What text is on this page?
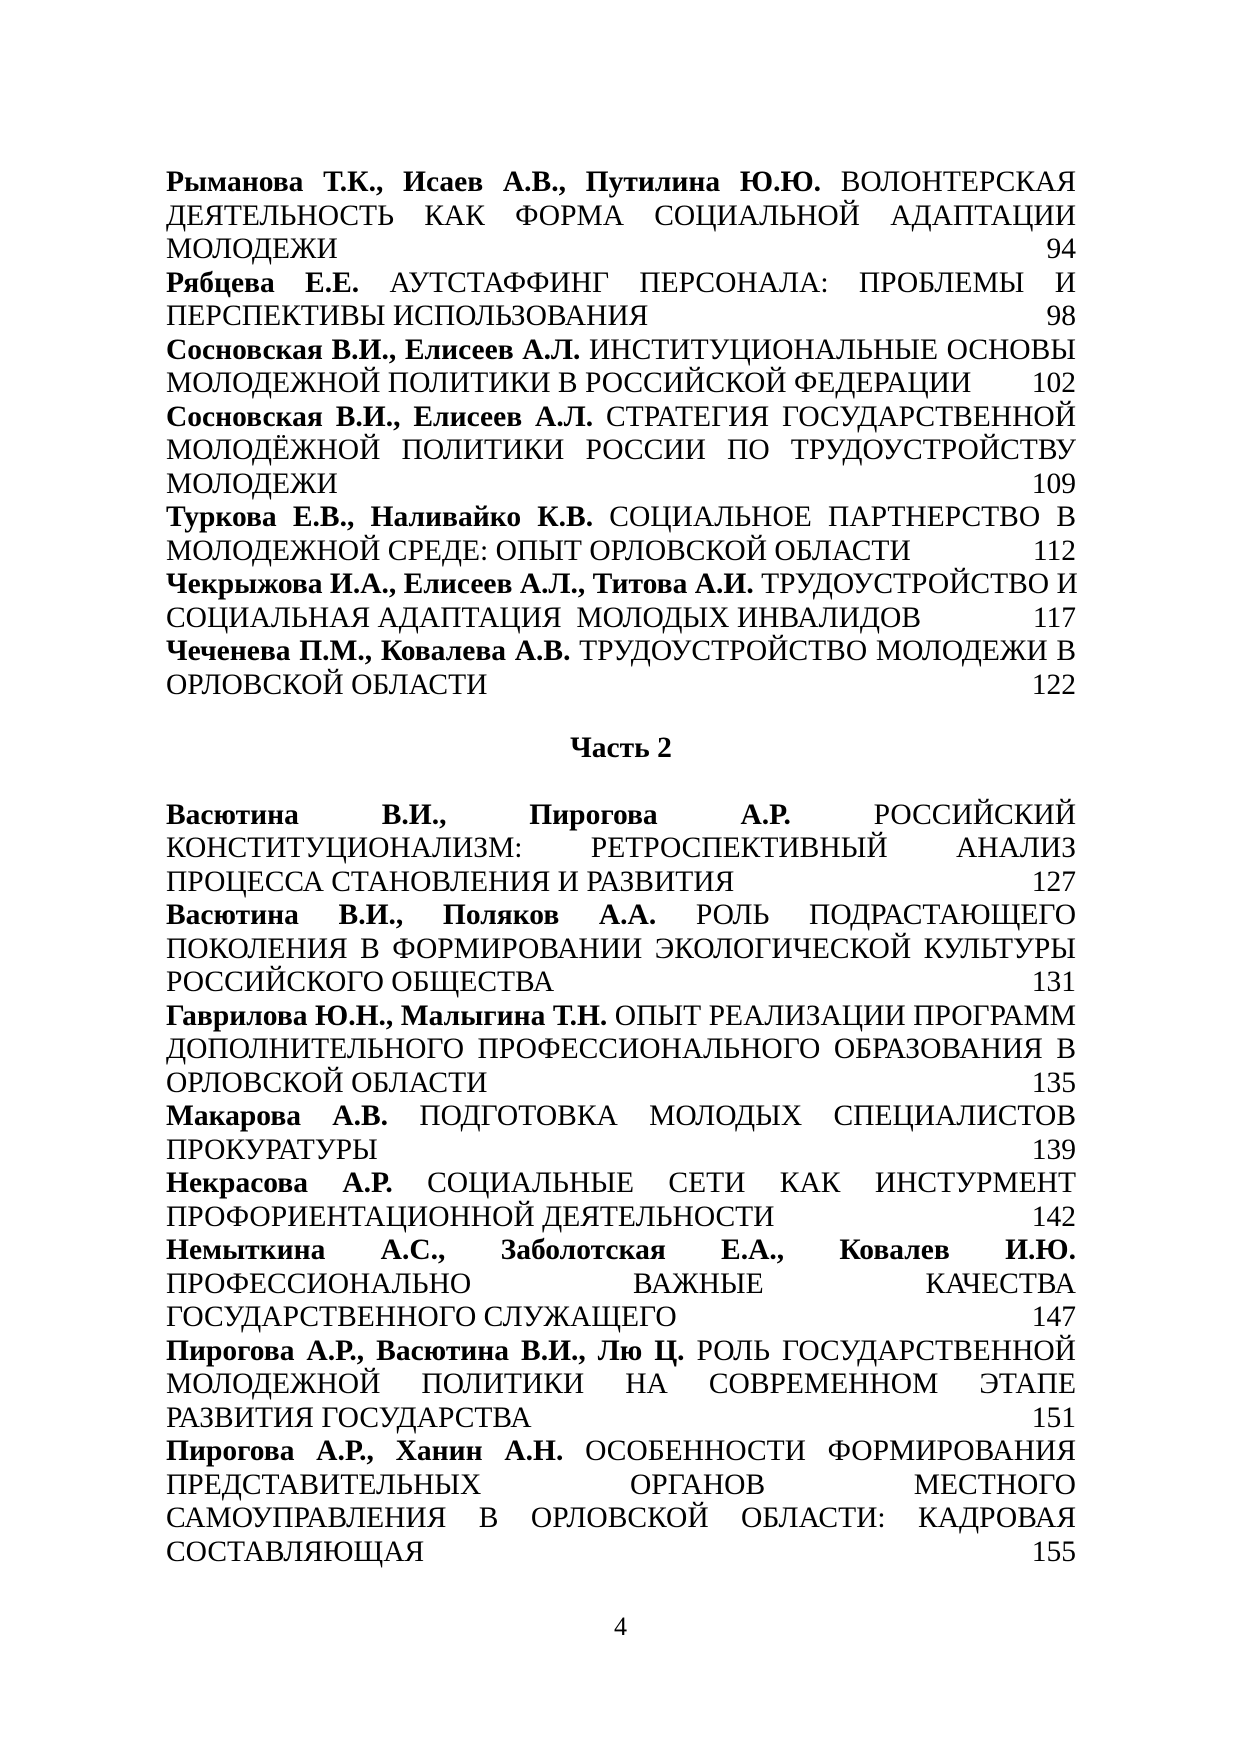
Рыманова Т.К., Исаев А.В., Путилина Ю.Ю. ВОЛОНТЕРСКАЯ
ДЕЯТЕЛЬНОСТЬ КАК ФОРМА СОЦИАЛЬНОЙ АДАПТАЦИИ
МОЛОДЕЖИ	94
Рябцева Е.Е. АУТСТАФФИНГ ПЕРСОНАЛА: ПРОБЛЕМЫ И
ПЕРСПЕКТИВЫ ИСПОЛЬЗОВАНИЯ	98
Сосновская В.И., Елисеев А.Л. ИНСТИТУЦИОНАЛЬНЫЕ ОСНОВЫ
МОЛОДЕЖНОЙ ПОЛИТИКИ В РОССИЙСКОЙ ФЕДЕРАЦИИ 102
Сосновская В.И., Елисеев А.Л. СТРАТЕГИЯ ГОСУДАРСТВЕННОЙ
МОЛОДЁЖНОЙ ПОЛИТИКИ РОССИИ ПО ТРУДОУСТРОЙСТВУ
МОЛОДЕЖИ	109
Туркова Е.В., Наливайко К.В. СОЦИАЛЬНОЕ ПАРТНЕРСТВО В
МОЛОДЕЖНОЙ СРЕДЕ: ОПЫТ ОРЛОВСКОЙ ОБЛАСТИ	112
Чекрыжова И.А., Елисеев А.Л., Титова А.И. ТРУДОУСТРОЙСТВО И
СОЦИАЛЬНАЯ АДАПТАЦИЯ  МОЛОДЫХ ИНВАЛИДОВ	117
Чеченева П.М., Ковалева А.В. ТРУДОУСТРОЙСТВО МОЛОДЕЖИ В
ОРЛОВСКОЙ ОБЛАСТИ	122
Часть 2
Васютина В.И., Пирогова А.Р.	РОССИЙСКИЙ
КОНСТИТУЦИОНАЛИЗМ: РЕТРОСПЕКТИВНЫЙ АНАЛИЗ
ПРОЦЕССА СТАНОВЛЕНИЯ И РАЗВИТИЯ	127
Васютина В.И., Поляков А.А. РОЛЬ ПОДРАСТАЮЩЕГО
ПОКОЛЕНИЯ В ФОРМИРОВАНИИ ЭКОЛОГИЧЕСКОЙ КУЛЬТУРЫ
РОССИЙСКОГО ОБЩЕСТВА	131
Гаврилова Ю.Н., Малыгина Т.Н. ОПЫТ РЕАЛИЗАЦИИ ПРОГРАММ
ДОПОЛНИТЕЛЬНОГО ПРОФЕССИОНАЛЬНОГО ОБРАЗОВАНИЯ В
ОРЛОВСКОЙ ОБЛАСТИ	135
Макарова А.В. ПОДГОТОВКА МОЛОДЫХ СПЕЦИАЛИСТОВ
ПРОКУРАТУРЫ	139
Некрасова А.Р. СОЦИАЛЬНЫЕ СЕТИ КАК ИНСТУРМЕНТ
ПРОФОРИЕНТАЦИОННОЙ ДЕЯТЕЛЬНОСТИ	142
Немыткина А.С., Заболотская Е.А., Ковалев И.Ю.
ПРОФЕССИОНАЛЬНО ВАЖНЫЕ КАЧЕСТВА
ГОСУДАРСТВЕННОГО СЛУЖАЩЕГО	147
Пирогова А.Р., Васютина В.И., Лю Ц. РОЛЬ ГОСУДАРСТВЕННОЙ
МОЛОДЕЖНОЙ ПОЛИТИКИ НА СОВРЕМЕННОМ ЭТАПЕ
РАЗВИТИЯ ГОСУДАРСТВА	151
Пирогова А.Р., Ханин А.Н. ОСОБЕННОСТИ ФОРМИРОВАНИЯ
ПРЕДСТАВИТЕЛЬНЫХ ОРГАНОВ МЕСТНОГО
САМОУПРАВЛЕНИЯ В ОРЛОВСКОЙ ОБЛАСТИ: КАДРОВАЯ
СОСТАВЛЯЮЩАЯ	155
4
